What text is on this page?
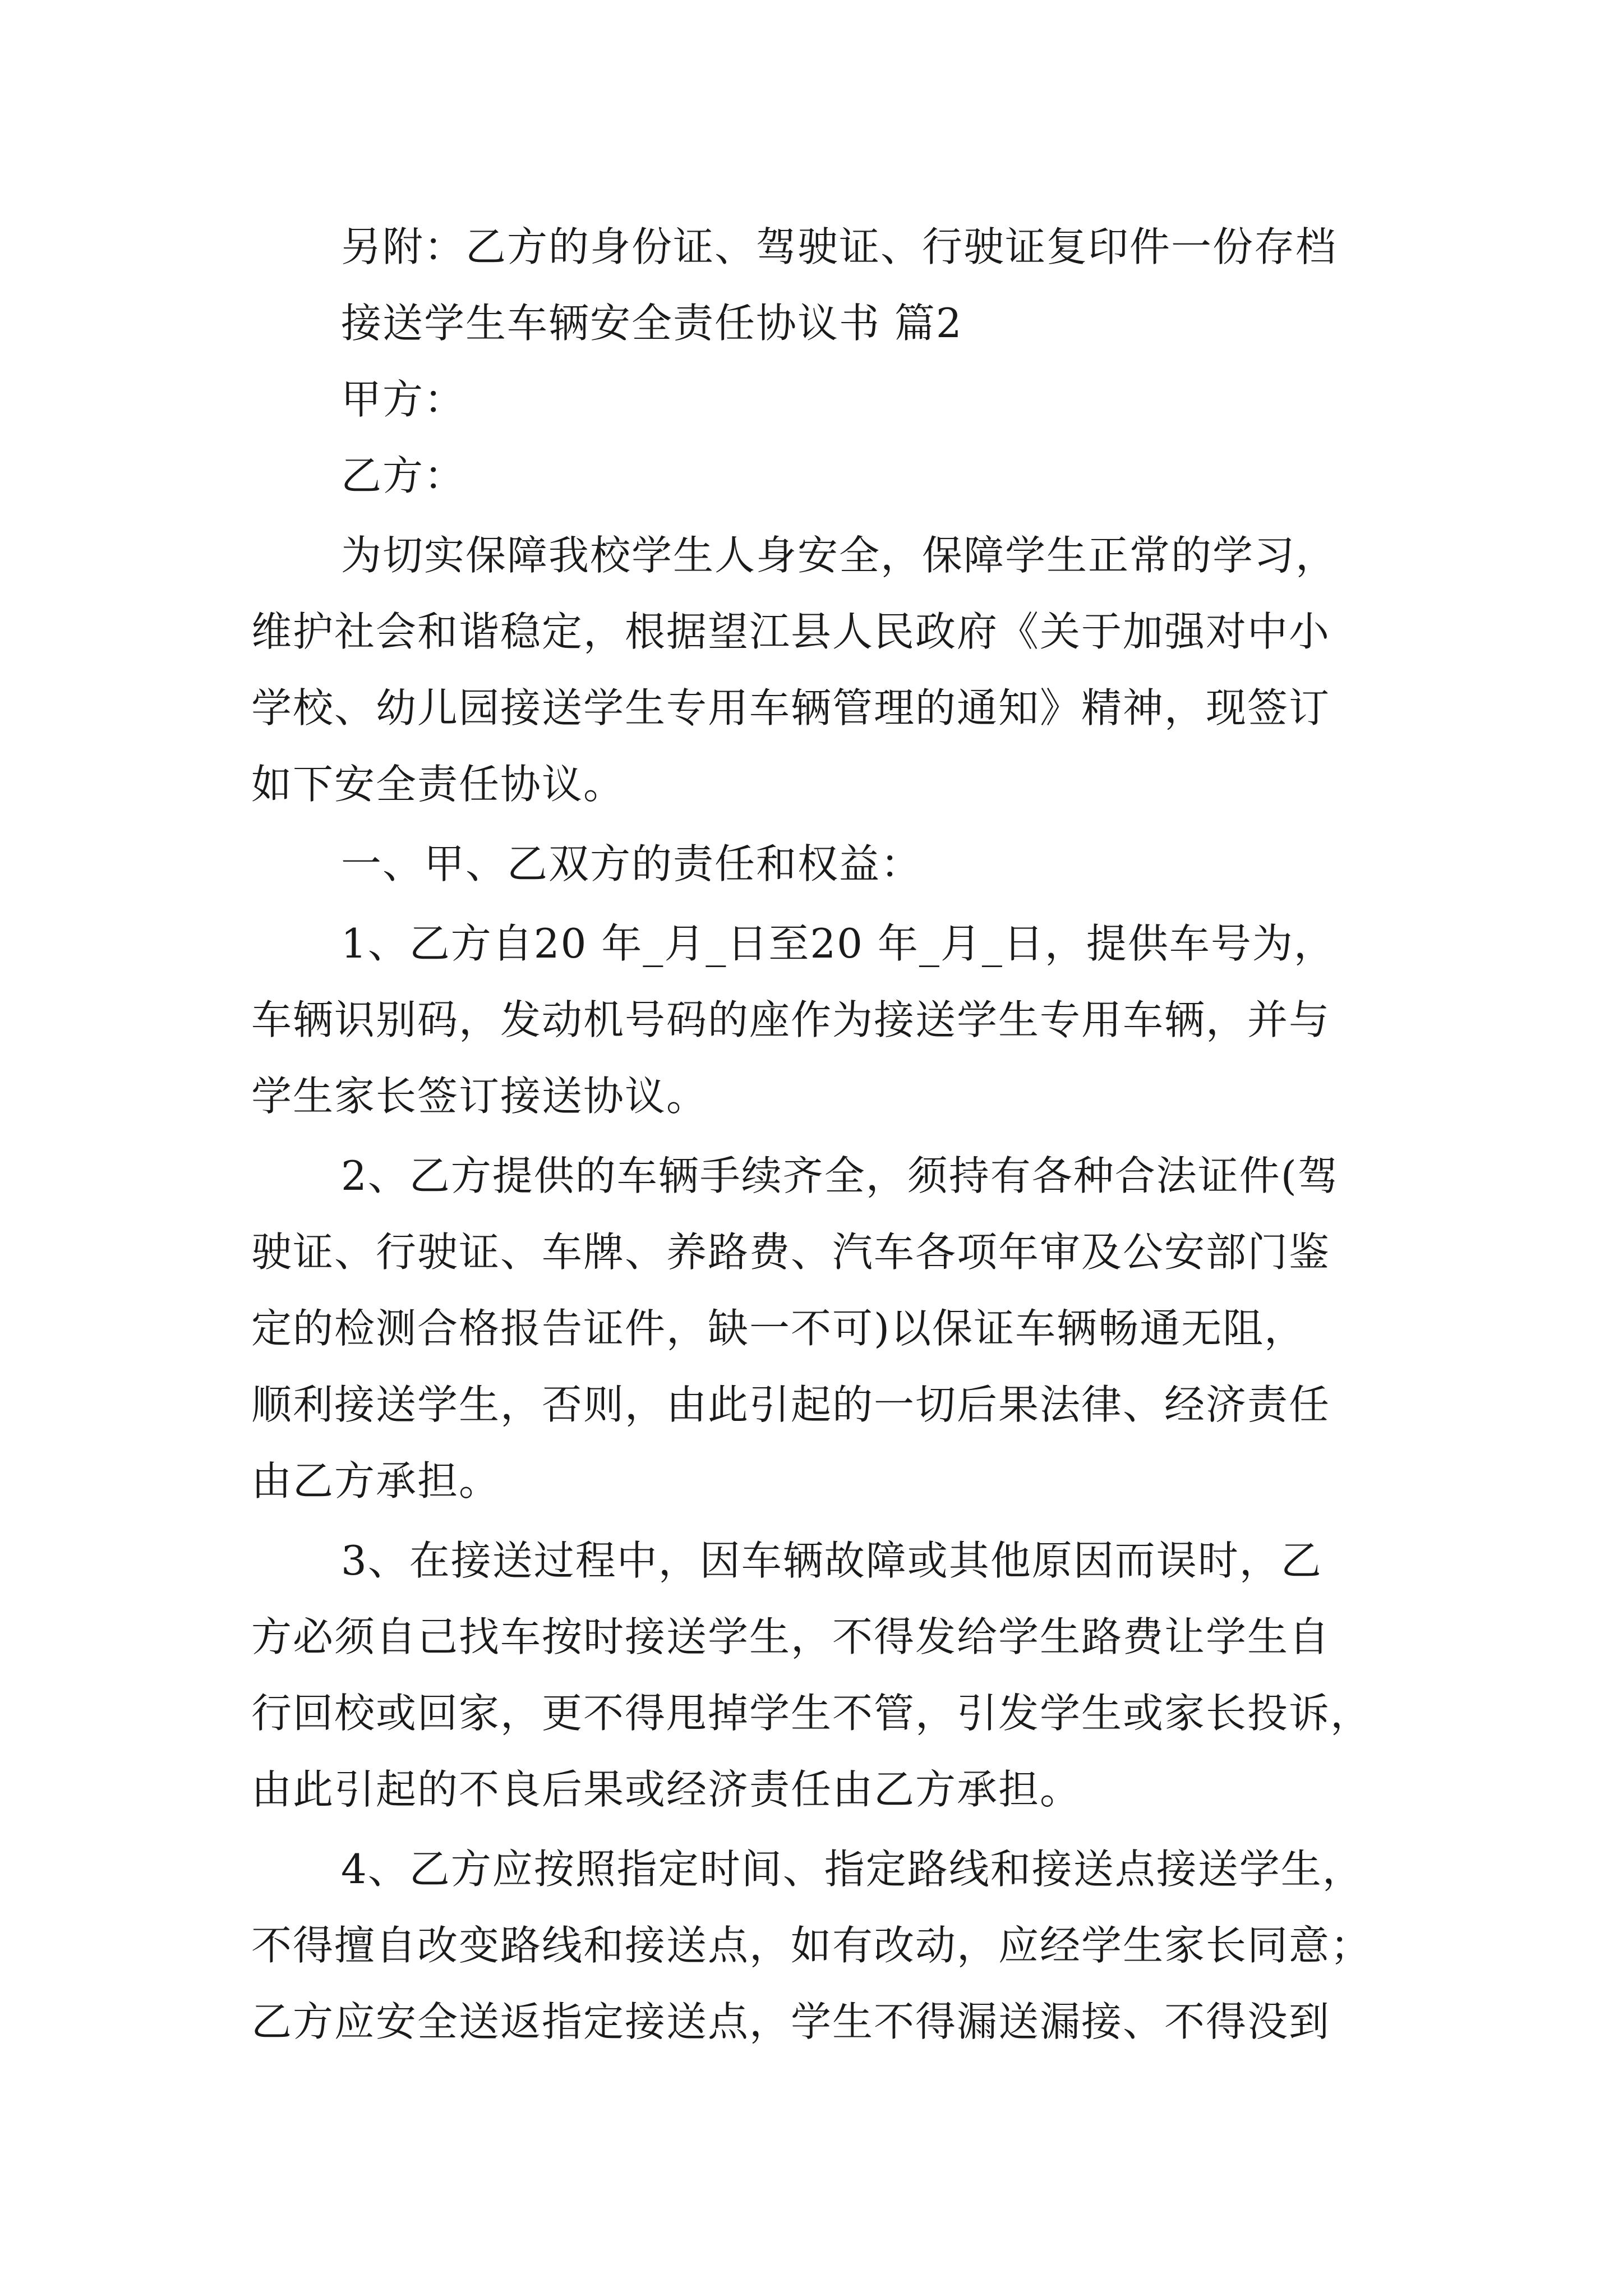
另附：乙方的身份证、驾驶证、行驶证复印件一份存档
接送学生车辆安全责任协议书 篇2
甲方：
乙方：
为切实保障我校学生人身安全，保障学生正常的学习，
维护社会和谐稳定，根据望江县人民政府《关于加强对中小
学校、幼儿园接送学生专用车辆管理的通知》精神，现签订
如下安全责任协议。
一、甲、乙双方的责任和权益：
1、乙方自20 年_月_日至20 年_月_日，提供车号为，
车辆识别码，发动机号码的座作为接送学生专用车辆，并与
学生家长签订接送协议。
2、乙方提供的车辆手续齐全，须持有各种合法证件(驾
驶证、行驶证、车牌、养路费、汽车各项年审及公安部门鉴
定的检测合格报告证件，缺一不可)以保证车辆畅通无阻，
顺利接送学生，否则，由此引起的一切后果法律、经济责任
由乙方承担。
3、在接送过程中，因车辆故障或其他原因而误时，乙
方必须自己找车按时接送学生，不得发给学生路费让学生自
行回校或回家，更不得甩掉学生不管，引发学生或家长投诉，
由此引起的不良后果或经济责任由乙方承担。
4、乙方应按照指定时间、指定路线和接送点接送学生，
不得擅自改变路线和接送点，如有改动，应经学生家长同意；
乙方应安全送返指定接送点，学生不得漏送漏接、不得没到
